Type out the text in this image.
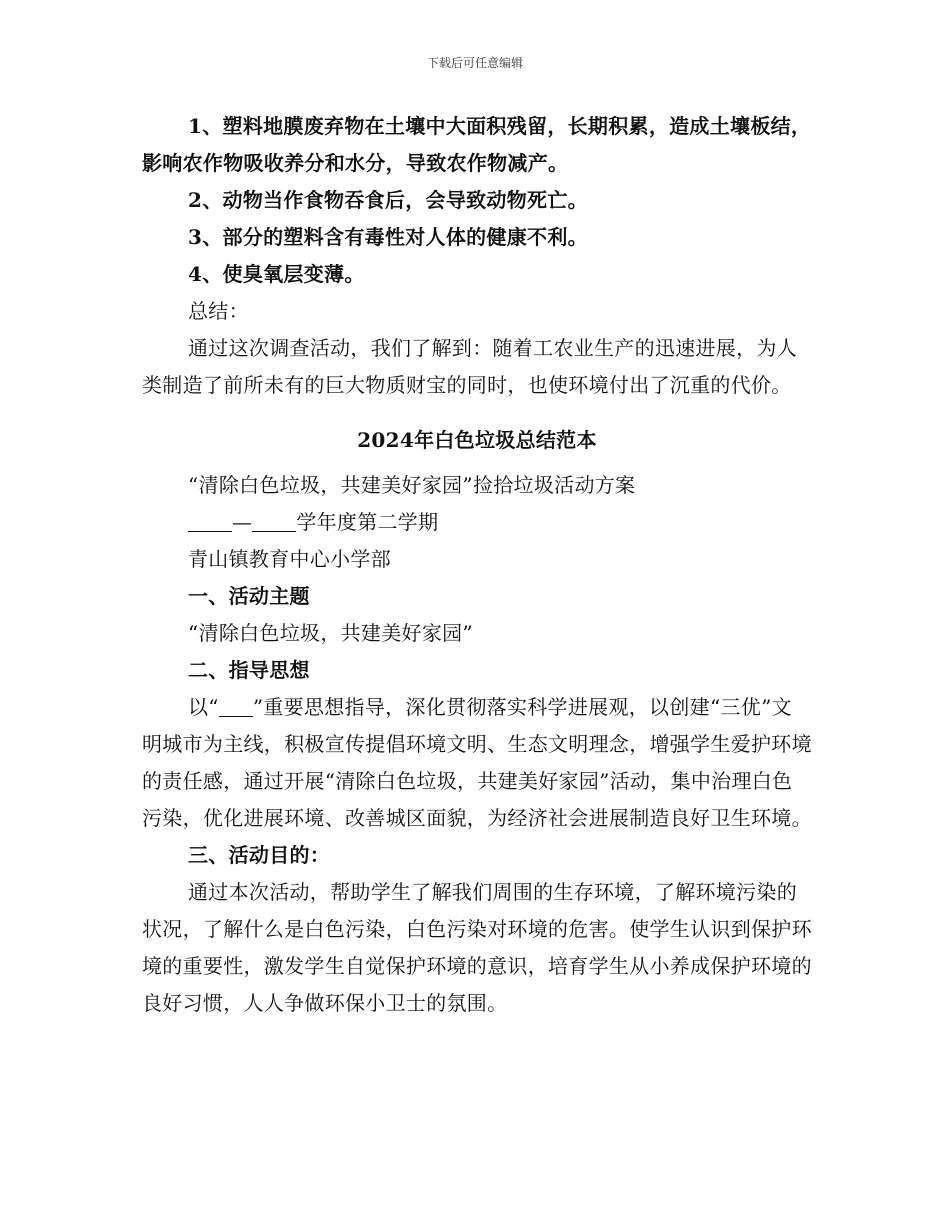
下载后可任意编辑

1、塑料地膜废弃物在土壤中大面积残留，长期积累，造成土壤板结，影响农作物吸收养分和水分，导致农作物减产。

2、动物当作食物吞食后，会导致动物死亡。

3、部分的塑料含有毒性对人体的健康不利。

4、使臭氧层变薄。

总结：

通过这次调查活动，我们了解到：随着工农业生产的迅速进展，为人类制造了前所未有的巨大物质财宝的同时，也使环境付出了沉重的代价。

2024年白色垃圾总结范本

“清除白色垃圾，共建美好家园”捡拾垃圾活动方案

— 学年度第二学期

青山镇教育中心小学部

一、活动主题

“清除白色垃圾，共建美好家园”

二、指导思想

以“ ”重要思想指导，深化贯彻落实科学进展观，以创建“三优”文明城市为主线，积极宣传提倡环境文明、生态文明理念，增强学生爱护环境的责任感，通过开展“清除白色垃圾，共建美好家园”活动，集中治理白色污染，优化进展环境、改善城区面貌，为经济社会进展制造良好卫生环境。

三、活动目的：

通过本次活动，帮助学生了解我们周围的生存环境，了解环境污染的状况，了解什么是白色污染，白色污染对环境的危害。使学生认识到保护环境的重要性，激发学生自觉保护环境的意识，培育学生从小养成保护环境的良好习惯，人人争做环保小卫士的氛围。
